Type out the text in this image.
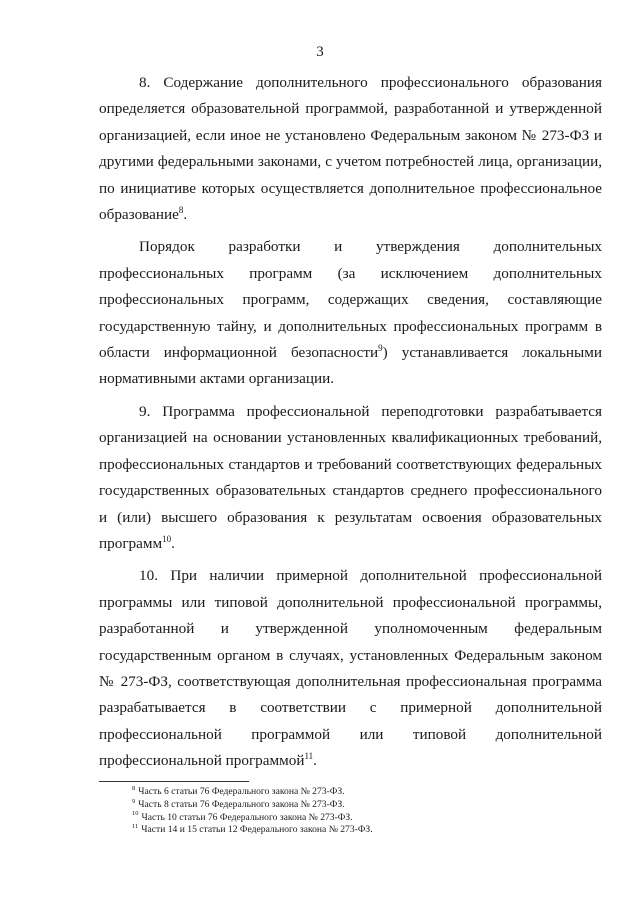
3

8. Содержание дополнительного профессионального образования определяется образовательной программой, разработанной и утвержденной организацией, если иное не установлено Федеральным законом № 273-ФЗ и другими федеральными законами, с учетом потребностей лица, организации, по инициативе которых осуществляется дополнительное профессиональное образование$^8$.

Порядок разработки и утверждения дополнительных профессиональных программ (за исключением дополнительных профессиональных программ, содержащих сведения, составляющие государственную тайну, и дополнительных профессиональных программ в области информационной безопасности$^9$) устанавливается локальными нормативными актами организации.

9. Программа профессиональной переподготовки разрабатывается организацией на основании установленных квалификационных требований, профессиональных стандартов и требований соответствующих федеральных государственных образовательных стандартов среднего профессионального и (или) высшего образования к результатам освоения образовательных программ$^{10}$.

10. При наличии примерной дополнительной профессиональной программы или типовой дополнительной профессиональной программы, разработанной и утвержденной уполномоченным федеральным государственным органом в случаях, установленных Федеральным законом № 273-ФЗ, соответствующая дополнительная профессиональная программа разрабатывается в соответствии с примерной дополнительной профессиональной программой или типовой дополнительной профессиональной программой$^{11}$.

$^8$ Часть 6 статьи 76 Федерального закона № 273-ФЗ.

$^9$ Часть 8 статьи 76 Федерального закона № 273-ФЗ.

$^{10}$ Часть 10 статьи 76 Федерального закона № 273-ФЗ.

$^{11}$ Части 14 и 15 статьи 12 Федерального закона № 273-ФЗ.
